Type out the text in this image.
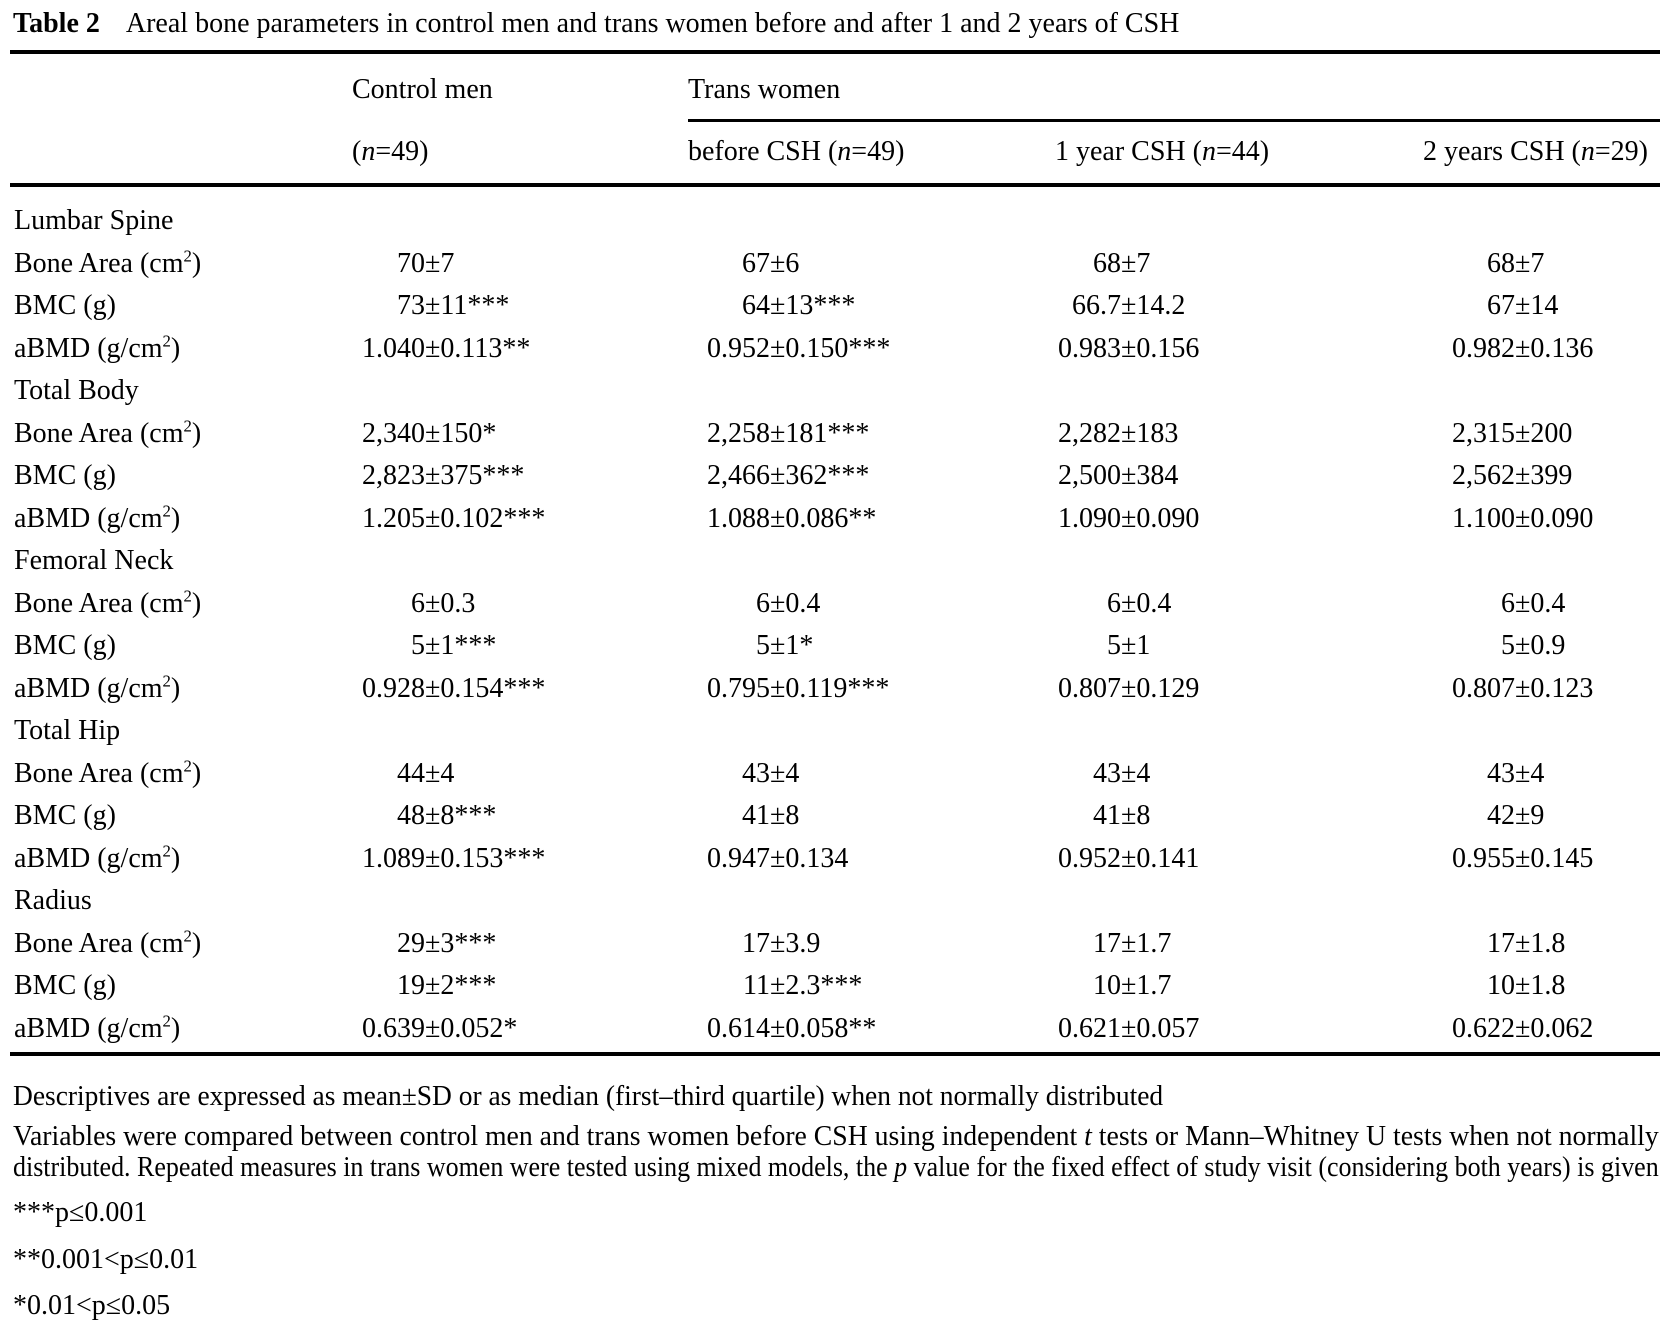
Table 2 Areal bone parameters in control men and trans women before and after 1 and 2 years of CSH
Control men	Trans women
(n=49)	before CSH (n=49)	1 year CSH (n=44)	2 years CSH (n=29)
Lumbar Spine
Bone Area $(cm^2)$	70 ± 7	67 ± 6	68 ± 7	68 ± 7
BMC (g)	73 ± 11***	64 ± 13***	66.7 ± 14.2	67 ± 14
aBMD $(g/cm^2)$	1.040 ± 0.113**	0.952 ± 0.150***	0.983 ± 0.156	0.982 ± 0.136
Total Body
Bone Area $(cm^2)$	2,340 ± 150*	2,258 ± 181***	2,282 ± 183	2,315 ± 200
BMC (g)	2,823 ± 375***	2,466 ± 362***	2,500 ± 384	2,562 ± 399
aBMD $(g/cm^2)$	1.205 ± 0.102***	1.088 ± 0.086**	1.090 ± 0.090	1.100 ± 0.090
Femoral Neck
Bone Area $(cm^2)$	6 ± 0.3	6 ± 0.4	6 ± 0.4	6 ± 0.4
BMC (g)	5 ± 1***	5 ± 1*	5 ± 1	5 ± 0.9
aBMD $(g/cm^2)$	0.928 ± 0.154***	0.795 ± 0.119***	0.807 ± 0.129	0.807 ± 0.123
Total Hip
Bone Area $(cm^2)$	44 ± 4	43 ± 4	43 ± 4	43 ± 4
BMC (g)	48 ± 8***	41 ± 8	41 ± 8	42 ± 9
aBMD $(g/cm^2)$	1.089 ± 0.153***	0.947 ± 0.134	0.952 ± 0.141	0.955 ± 0.145
Radius
Bone Area $(cm^2)$	29 ± 3***	17 ± 3.9	17 ± 1.7	17 ± 1.8
BMC (g)	19 ± 2***	11 ± 2.3***	10 ± 1.7	10 ± 1.8
aBMD $(g/cm^2)$	0.639 ± 0.052*	0.614 ± 0.058**	0.621 ± 0.057	0.622 ± 0.062
Descriptives are expressed as mean±SD or as median (first–third quartile) when not normally distributed
Variables were compared between control men and trans women before CSH using independent t tests or Mann–Whitney U tests when not normally
distributed. Repeated measures in trans women were tested using mixed models, the p value for the fixed effect of study visit (considering both years) is given
***p≤0.001
**0.001<p≤0.01
*0.01<p≤0.05
